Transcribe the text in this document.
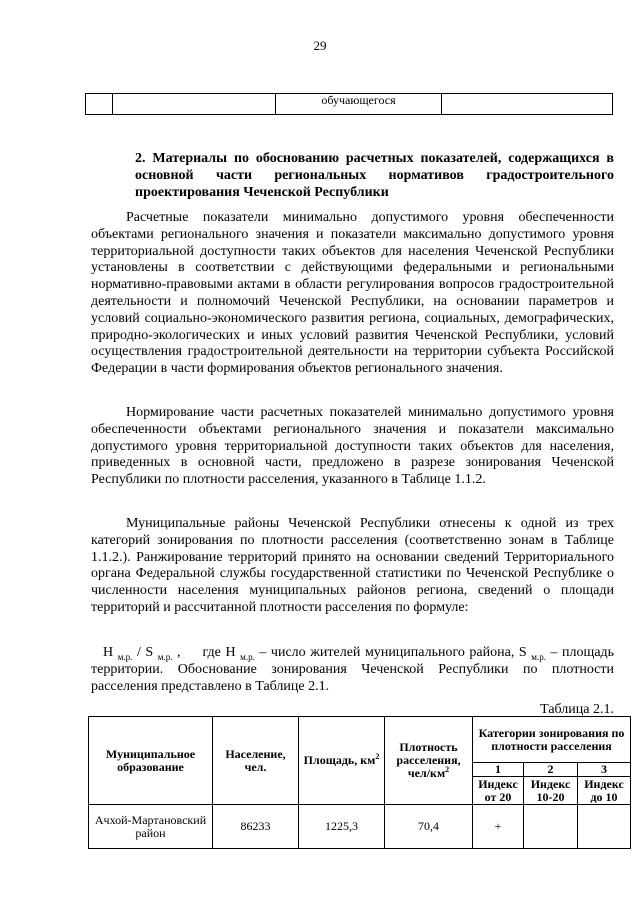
29
		обучающегося	
2. Материалы по обоснованию расчетных показателей, содержащихся в основной части региональных нормативов градостроительного проектирования Чеченской Республики

Расчетные показатели минимально допустимого уровня обеспеченности объектами регионального значения и показатели максимально допустимого уровня территориальной доступности таких объектов для населения Чеченской Республики установлены в соответствии с действующими федеральными и региональными нормативно-правовыми актами в области регулирования вопросов градостроительной деятельности и полномочий Чеченской Республики, на основании параметров и условий социально-экономического развития региона, социальных, демографических, природно-экологических и иных условий развития Чеченской Республики, условий осуществления градостроительной деятельности на территории субъекта Российской Федерации в части формирования объектов регионального значения.

Нормирование части расчетных показателей минимально допустимого уровня обеспеченности объектами регионального значения и показатели максимально допустимого уровня территориальной доступности таких объектов для населения, приведенных в основной части, предложено в разрезе зонирования Чеченской Республики по плотности расселения, указанного в Таблице 1.1.2.

Муниципальные районы Чеченской Республики отнесены к одной из трех категорий зонирования по плотности расселения (соответственно зонам в Таблице 1.1.2.). Ранжирование территорий принято на основании сведений Территориального органа Федеральной службы государственной статистики по Чеченской Республике о численности населения муниципальных районов региона, сведений о площади территорий и рассчитанной плотности расселения по формуле:

Н $_{м.р.}$ / S $_{м.р.}$ , где Н $_{м.р.}$ – число жителей муниципального района, S $_{м.р.}$ – площадь территории. Обоснование зонирования Чеченской Республики по плотности расселения представлено в Таблице 2.1.

Таблица 2.1.
Муниципальное образование	Население, чел.	Площадь, $км^2$	Плотность расселения, чел/$км^2$	Категории зонирования по плотности расселения		
				1	2	3
				Индекс от 20	Индекс 10-20	Индекс до 10
Ачхой-Мартановский район	86233	1225,3	70,4	+		
